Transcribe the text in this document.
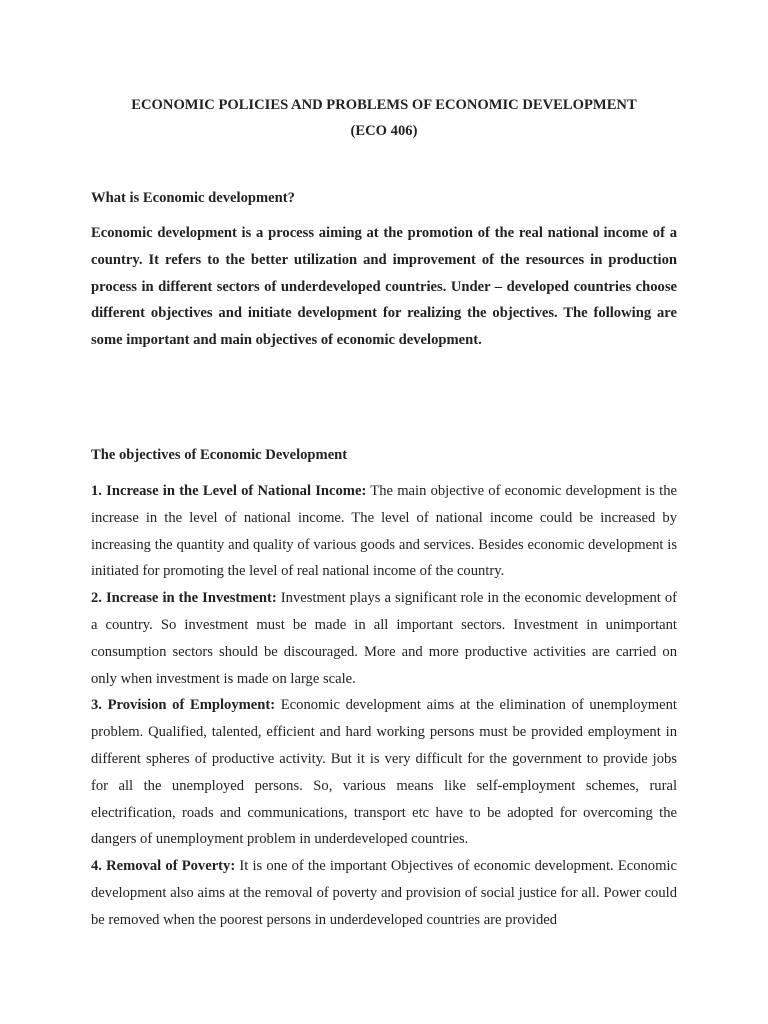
ECONOMIC POLICIES AND PROBLEMS OF ECONOMIC DEVELOPMENT
(ECO 406)

What is Economic development?

Economic development is a process aiming at the promotion of the real national income of a country. It refers to the better utilization and improvement of the resources in production process in different sectors of underdeveloped countries. Under – developed countries choose different objectives and initiate development for realizing the objectives. The following are some important and main objectives of economic development.

The objectives of Economic Development

1. Increase in the Level of National Income: The main objective of economic development is the increase in the level of national income. The level of national income could be increased by increasing the quantity and quality of various goods and services. Besides economic development is initiated for promoting the level of real national income of the country.

2. Increase in the Investment: Investment plays a significant role in the economic development of a country. So investment must be made in all important sectors. Investment in unimportant consumption sectors should be discouraged. More and more productive activities are carried on only when investment is made on large scale.

3. Provision of Employment: Economic development aims at the elimination of unemployment problem. Qualified, talented, efficient and hard working persons must be provided employment in different spheres of productive activity. But it is very difficult for the government to provide jobs for all the unemployed persons. So, various means like self-employment schemes, rural electrification, roads and communications, transport etc have to be adopted for overcoming the dangers of unemployment problem in underdeveloped countries.

4. Removal of Poverty: It is one of the important Objectives of economic development. Economic development also aims at the removal of poverty and provision of social justice for all. Power could be removed when the poorest persons in underdeveloped countries are provided
